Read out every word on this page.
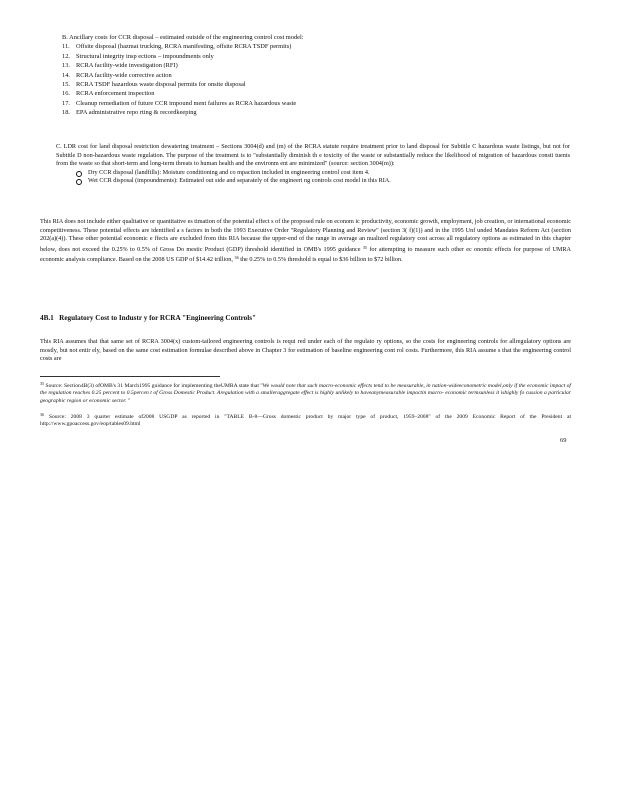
B. Ancillary costs for CCR disposal – estimated outside of the engineering control cost model:
11. Offsite disposal (hazmat trucking, RCRA manifesting, offsite RCRA TSDF permits)
12. Structural integrity insp ections – impoundments only
13. RCRA facility-wide investigation (RFI)
14. RCRA facility-wide corrective action
15. RCRA TSDF hazardous waste disposal permits for onsite disposal
16. RCRA enforcement inspection
17. Cleanup remediation of future CCR impound ment failures as RCRA hazardous waste
18. EPA administrative repo rting & recordkeeping
C. LDR cost for land disposal restriction dewatering treatment – Sections 3004(d) and (m) of the RCRA statute require treatment prior to land disposal for Subtitle C hazardous waste listings, but not for Subtitle D non-hazardous waste regulation. The purpose of the treatment is to "substantially diminish th e toxicity of the waste or substantially reduce the likelihood of migration of hazardous consti tuents from the waste so that short-term and long-term threats to human health and the environm ent are minimized" (source: section 3004(m)):
Dry CCR disposal (landfills): Moisture conditioning and co mpaction included in engineering control cost item 4.
Wet CCR disposal (impoundments): Estimated out side and separately of the engineeri ng controls cost model in this RIA.
This RIA does not include either qualitative or quantitative es timation of the potential effect s of the proposed rule on econom ic productivity, economic growth, employment, job creation, or international economic competitiveness. These potential effects are identified a s factors in both the 1993 Executive Order "Regulatory Planning and Review" (section 3( f)(1)) and in the 1995 Unf unded Mandates Reform Act (section 202(a)(4)). These other potential economic e ffects are excluded from this RIA because the upper-end of the range in average an nualized regulatory cost across all regulatory options as estimated in this chapter below, does not exceed the 0.25% to 0.5% of Gross Do mestic Product (GDP) threshold identified in OMB's 1995 guidance $^{35}$ for attempting to measure such other ec onomic effects for purpose of UMRA economic analysis compliance. Based on the 2008 US GDP of $14.42 trillion, $^{36}$ the 0.25% to 0.5% threshold is equal to $36 billion to $72 billion.
4B.1 Regulatory Cost to Industr y for RCRA "Engineering Controls"
This RIA assumes that that same set of RCRA 3004(x) custom-tailored engineering controls is requi red under each of the regulato ry options, so the costs for engineering controls for allregulatory options are mostly, but not entir ely, based on the same cost estimation formulae described above in Chapter 3 for estimation of baseline engineering cont rol costs. Furthermore, this RIA assume s that the engineering control costs are
$^{35}$ Source: Section4B(3) ofOMB's 31 March1995 guidance for implementing theUMRA state that "We would note that such macro-economic effects tend to be measurable, in nation-wideeconometric model,only if the economic impact of the regulation reaches 0.25 percent to 0.5percen t of Gross Domestic Product. Aregulation with a smalleraggregate effect is highly unlikely to haveanymeasurable impactin macro- economic termsunless it ishighly fo cussion a particular geographic region or economic sector. "
$^{36}$ Source: 2008 3 quarter estimate of2008 USGDP as reported in "TABLE B-8—Gross domestic product by major type of product, 1959–2008" of the 2009 Economic Report of the President at http://www.gpoaccess.gov/eop/tables09.html
69
